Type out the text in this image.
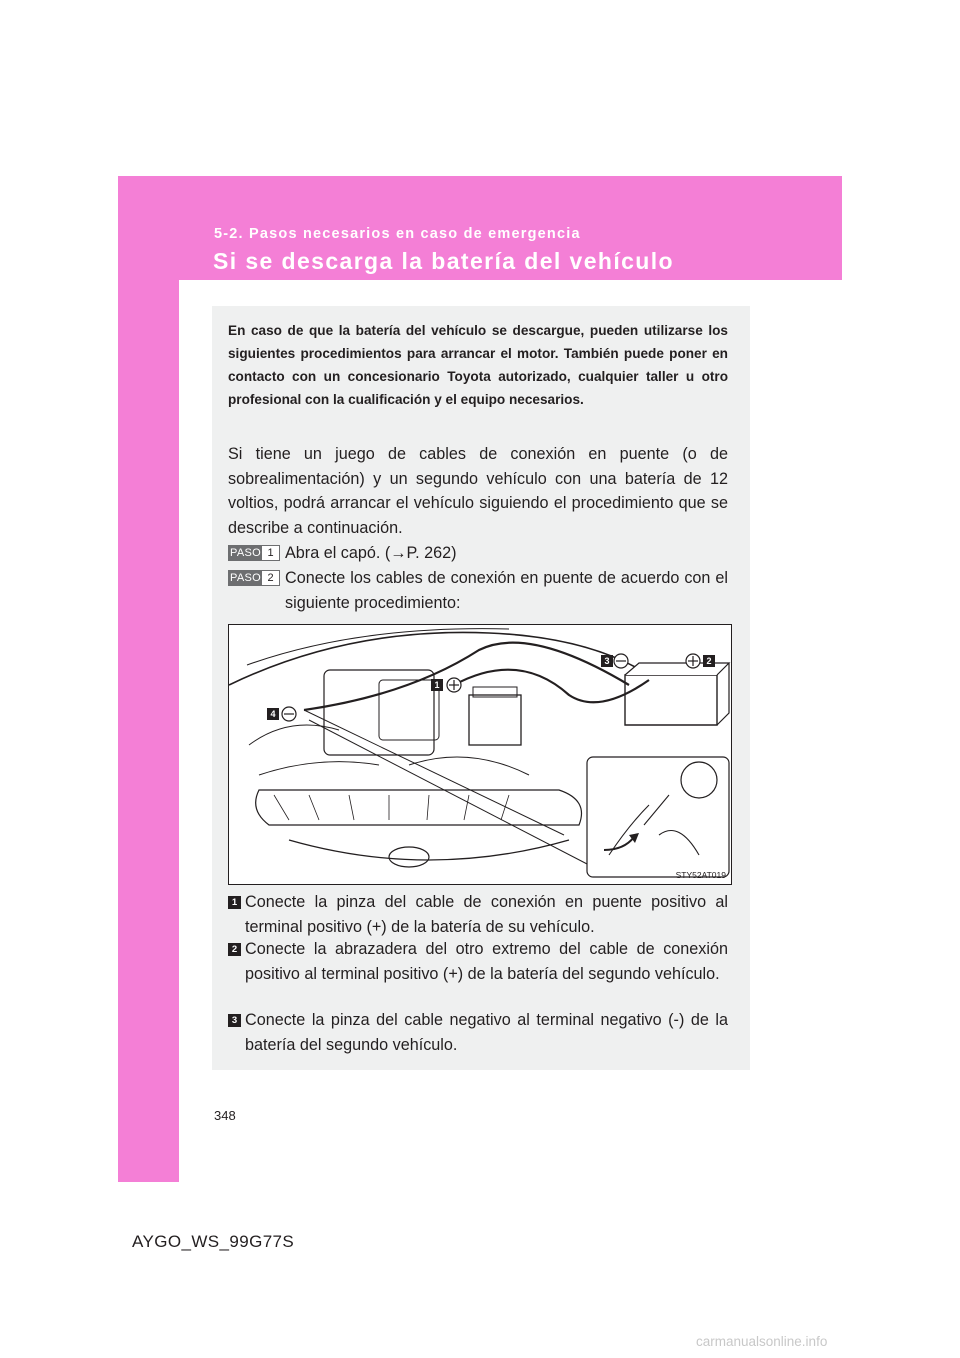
5-2. Pasos necesarios en caso de emergencia
Si se descarga la batería del vehículo
En caso de que la batería del vehículo se descargue, pueden utilizarse los siguientes procedimientos para arrancar el motor. También puede poner en contacto con un concesionario Toyota autorizado, cualquier taller u otro profesional con la cualificación y el equipo necesarios.
Si tiene un juego de cables de conexión en puente (o de sobrealimentación) y un segundo vehículo con una batería de 12 voltios, podrá arrancar el vehículo siguiendo el procedimiento que se describe a continuación.
PASO 1 Abra el capó. (→P. 262)
PASO 2 Conecte los cables de conexión en puente de acuerdo con el siguiente procedimiento:
3	2
1
4
STY52AT019
1 Conecte la pinza del cable de conexión en puente positivo al terminal positivo (+) de la batería de su vehículo.
2 Conecte la abrazadera del otro extremo del cable de conexión positivo al terminal positivo (+) de la batería del segundo vehículo.
3 Conecte la pinza del cable negativo al terminal negativo (-) de la batería del segundo vehículo.
348
AYGO_WS_99G77S
carmanualsonline.info
